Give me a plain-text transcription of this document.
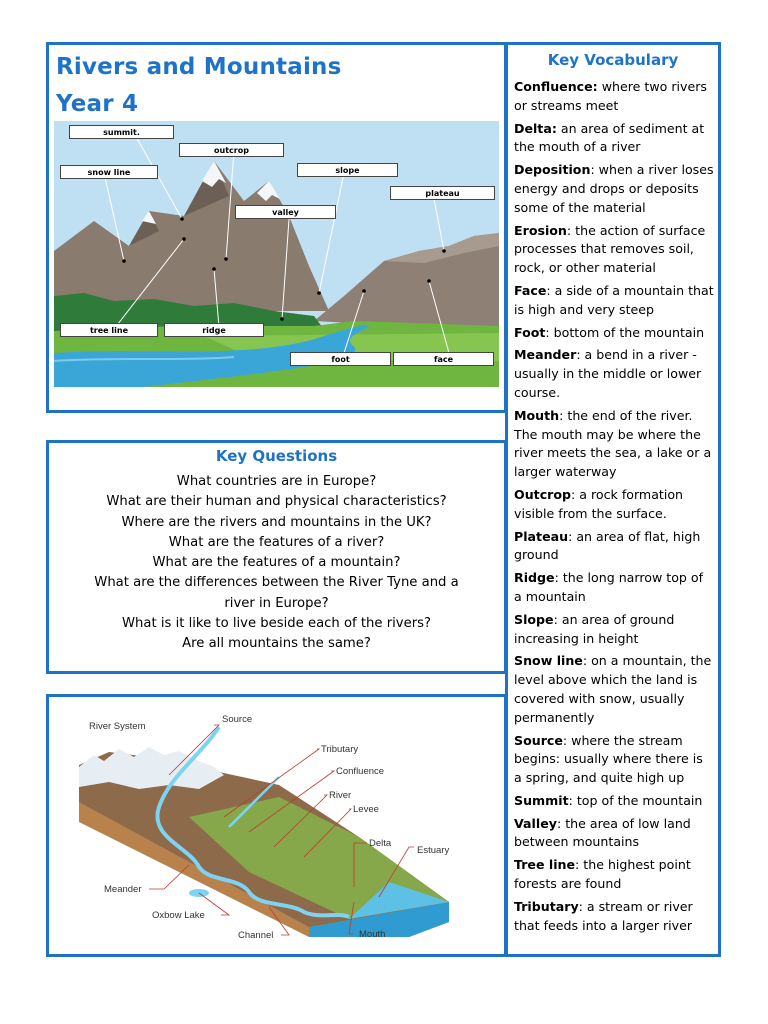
Rivers and Mountains
Year 4
summit.
outcrop
snow line	slope
plateau
valley
tree line	ridge
foot	face
Key Questions
What countries are in Europe?
What are their human and physical characteristics?
Where are the rivers and mountains in the UK?
What are the features of a river?
What are the features of a mountain?
What are the differences between the River Tyne and a
river in Europe?
What is it like to live beside each of the rivers?
Are all mountains the same?
River System
Source
Tributary
Confluence
River
Levee
Delta
Estuary
Meander
Oxbow Lake
Channel	Mouth
Key Vocabulary
Confluence: where two rivers or streams meet
Delta: an area of sediment at the mouth of a river
Deposition: when a river loses energy and drops or deposits some of the material
Erosion: the action of surface processes that removes soil, rock, or other material
Face: a side of a mountain that is high and very steep
Foot: bottom of the mountain
Meander: a bend in a river - usually in the middle or lower course.
Mouth: the end of the river. The mouth may be where the river meets the sea, a lake or a larger waterway
Outcrop: a rock formation visible from the surface.
Plateau: an area of flat, high ground
Ridge: the long narrow top of a mountain
Slope: an area of ground increasing in height
Snow line: on a mountain, the level above which the land is covered with snow, usually permanently
Source: where the stream begins: usually where there is a spring, and quite high up
Summit: top of the mountain
Valley: the area of low land between mountains
Tree line: the highest point forests are found
Tributary: a stream or river that feeds into a larger river
